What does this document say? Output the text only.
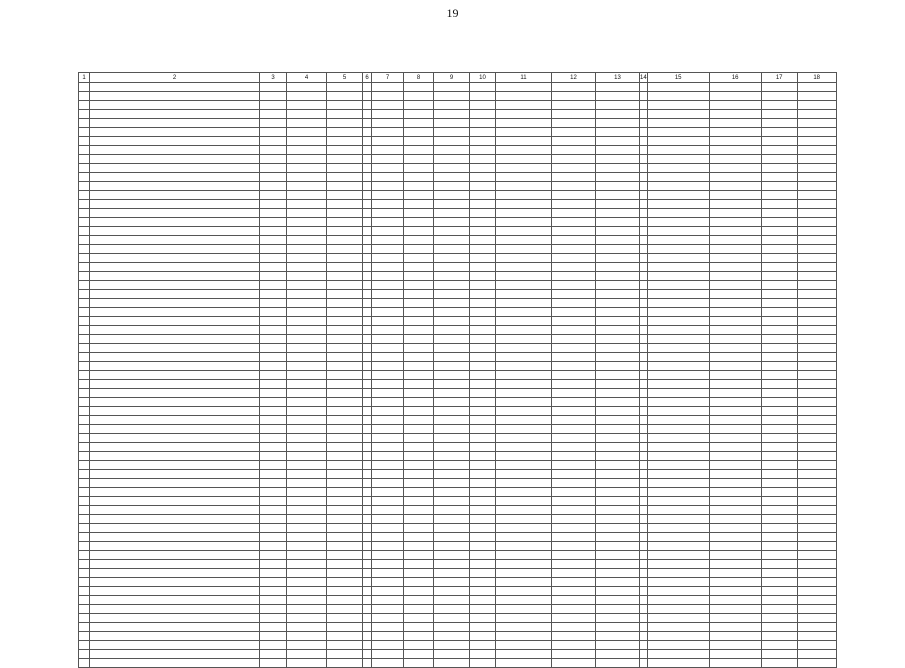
19
1	2	3	4	5	6	7	8	9	10	11	12	13	14	15	16	17	18
